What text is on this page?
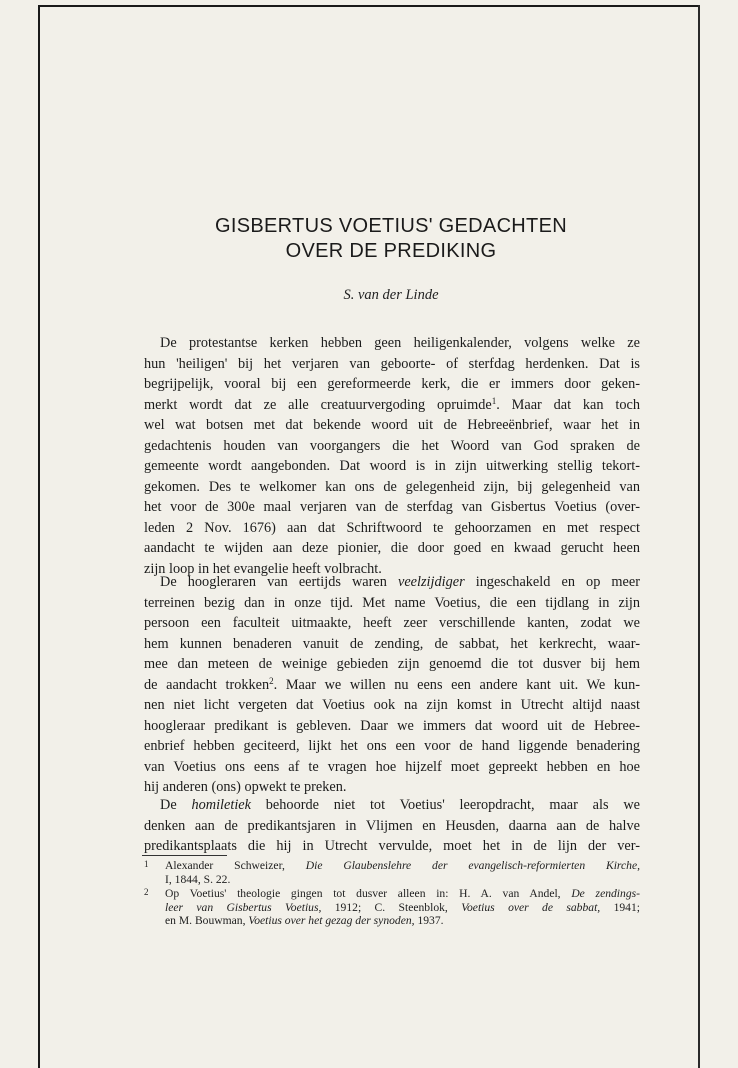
GISBERTUS VOETIUS' GEDACHTEN
OVER DE PREDIKING
S. van der Linde
De protestantse kerken hebben geen heiligenkalender, volgens welke ze
hun 'heiligen' bij het verjaren van geboorte- of sterfdag herdenken. Dat is
begrijpelijk, vooral bij een gereformeerde kerk, die er immers door geken-
merkt wordt dat ze alle creatuurvergoding opruimde$^1$. Maar dat kan toch
wel wat botsen met dat bekende woord uit de Hebreeënbrief, waar het in
gedachtenis houden van voorgangers die het Woord van God spraken de
gemeente wordt aangebonden. Dat woord is in zijn uitwerking stellig tekort-
gekomen. Des te welkomer kan ons de gelegenheid zijn, bij gelegenheid van
het voor de 300e maal verjaren van de sterfdag van Gisbertus Voetius (over-
leden 2 Nov. 1676) aan dat Schriftwoord te gehoorzamen en met respect
aandacht te wijden aan deze pionier, die door goed en kwaad gerucht heen
zijn loop in het evangelie heeft volbracht.
De hoogleraren van eertijds waren veelzijdiger ingeschakeld en op meer
terreinen bezig dan in onze tijd. Met name Voetius, die een tijdlang in zijn
persoon een faculteit uitmaakte, heeft zeer verschillende kanten, zodat we
hem kunnen benaderen vanuit de zending, de sabbat, het kerkrecht, waar-
mee dan meteen de weinige gebieden zijn genoemd die tot dusver bij hem
de aandacht trokken$^2$. Maar we willen nu eens een andere kant uit. We kun-
nen niet licht vergeten dat Voetius ook na zijn komst in Utrecht altijd naast
hoogleraar predikant is gebleven. Daar we immers dat woord uit de Hebree-
enbrief hebben geciteerd, lijkt het ons een voor de hand liggende benadering
van Voetius ons eens af te vragen hoe hijzelf moet gepreekt hebben en hoe
hij anderen (ons) opwekt te preken.
De homiletiek behoorde niet tot Voetius' leeropdracht, maar als we
denken aan de predikantsjaren in Vlijmen en Heusden, daarna aan de halve
predikantsplaats die hij in Utrecht vervulde, moet het in de lijn der ver-
1 Alexander Schweizer, Die Glaubenslehre der evangelisch-reformierten Kirche,
I, 1844, S. 22.
2 Op Voetius' theologie gingen tot dusver alleen in: H. A. van Andel, De zendings-
leer van Gisbertus Voetius, 1912; C. Steenblok, Voetius over de sabbat, 1941;
en M. Bouwman, Voetius over het gezag der synoden, 1937.
